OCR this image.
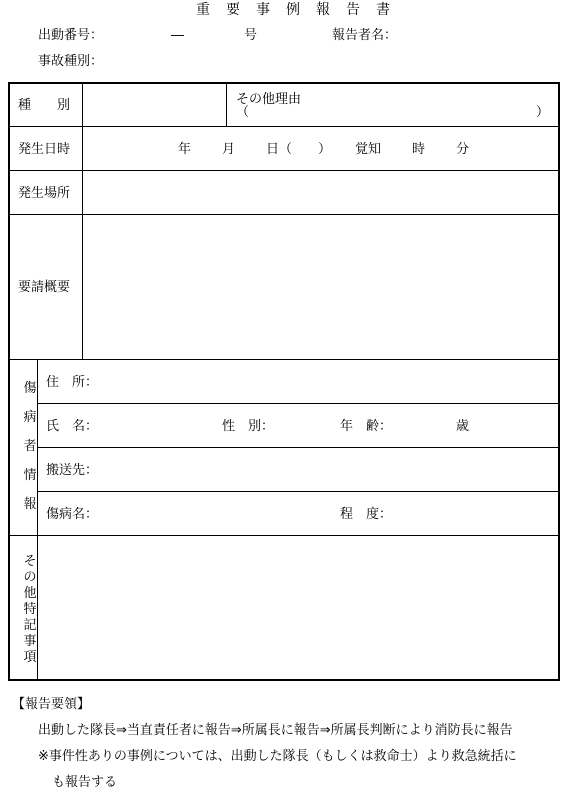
重 要 事 例 報 告 書
出動番号：	―	号	報告者名：
事故種別：
種　　別	その他理由
（	）
発生日時	年 月 日（　　） 覚知 時 分
発生場所
要請概要
傷
病
者
情
報
住　所：
氏　名：	性　別：	年　齢：	歳
搬送先：
傷病名：	程　度：
そ
の
他
特
記
事
項
【報告要領】
出動した隊長⇒当直責任者に報告⇒所属長に報告⇒所属長判断により消防長に報告
※事件性ありの事例については、出動した隊長（もしくは救命士）より救急統括に
も報告する
